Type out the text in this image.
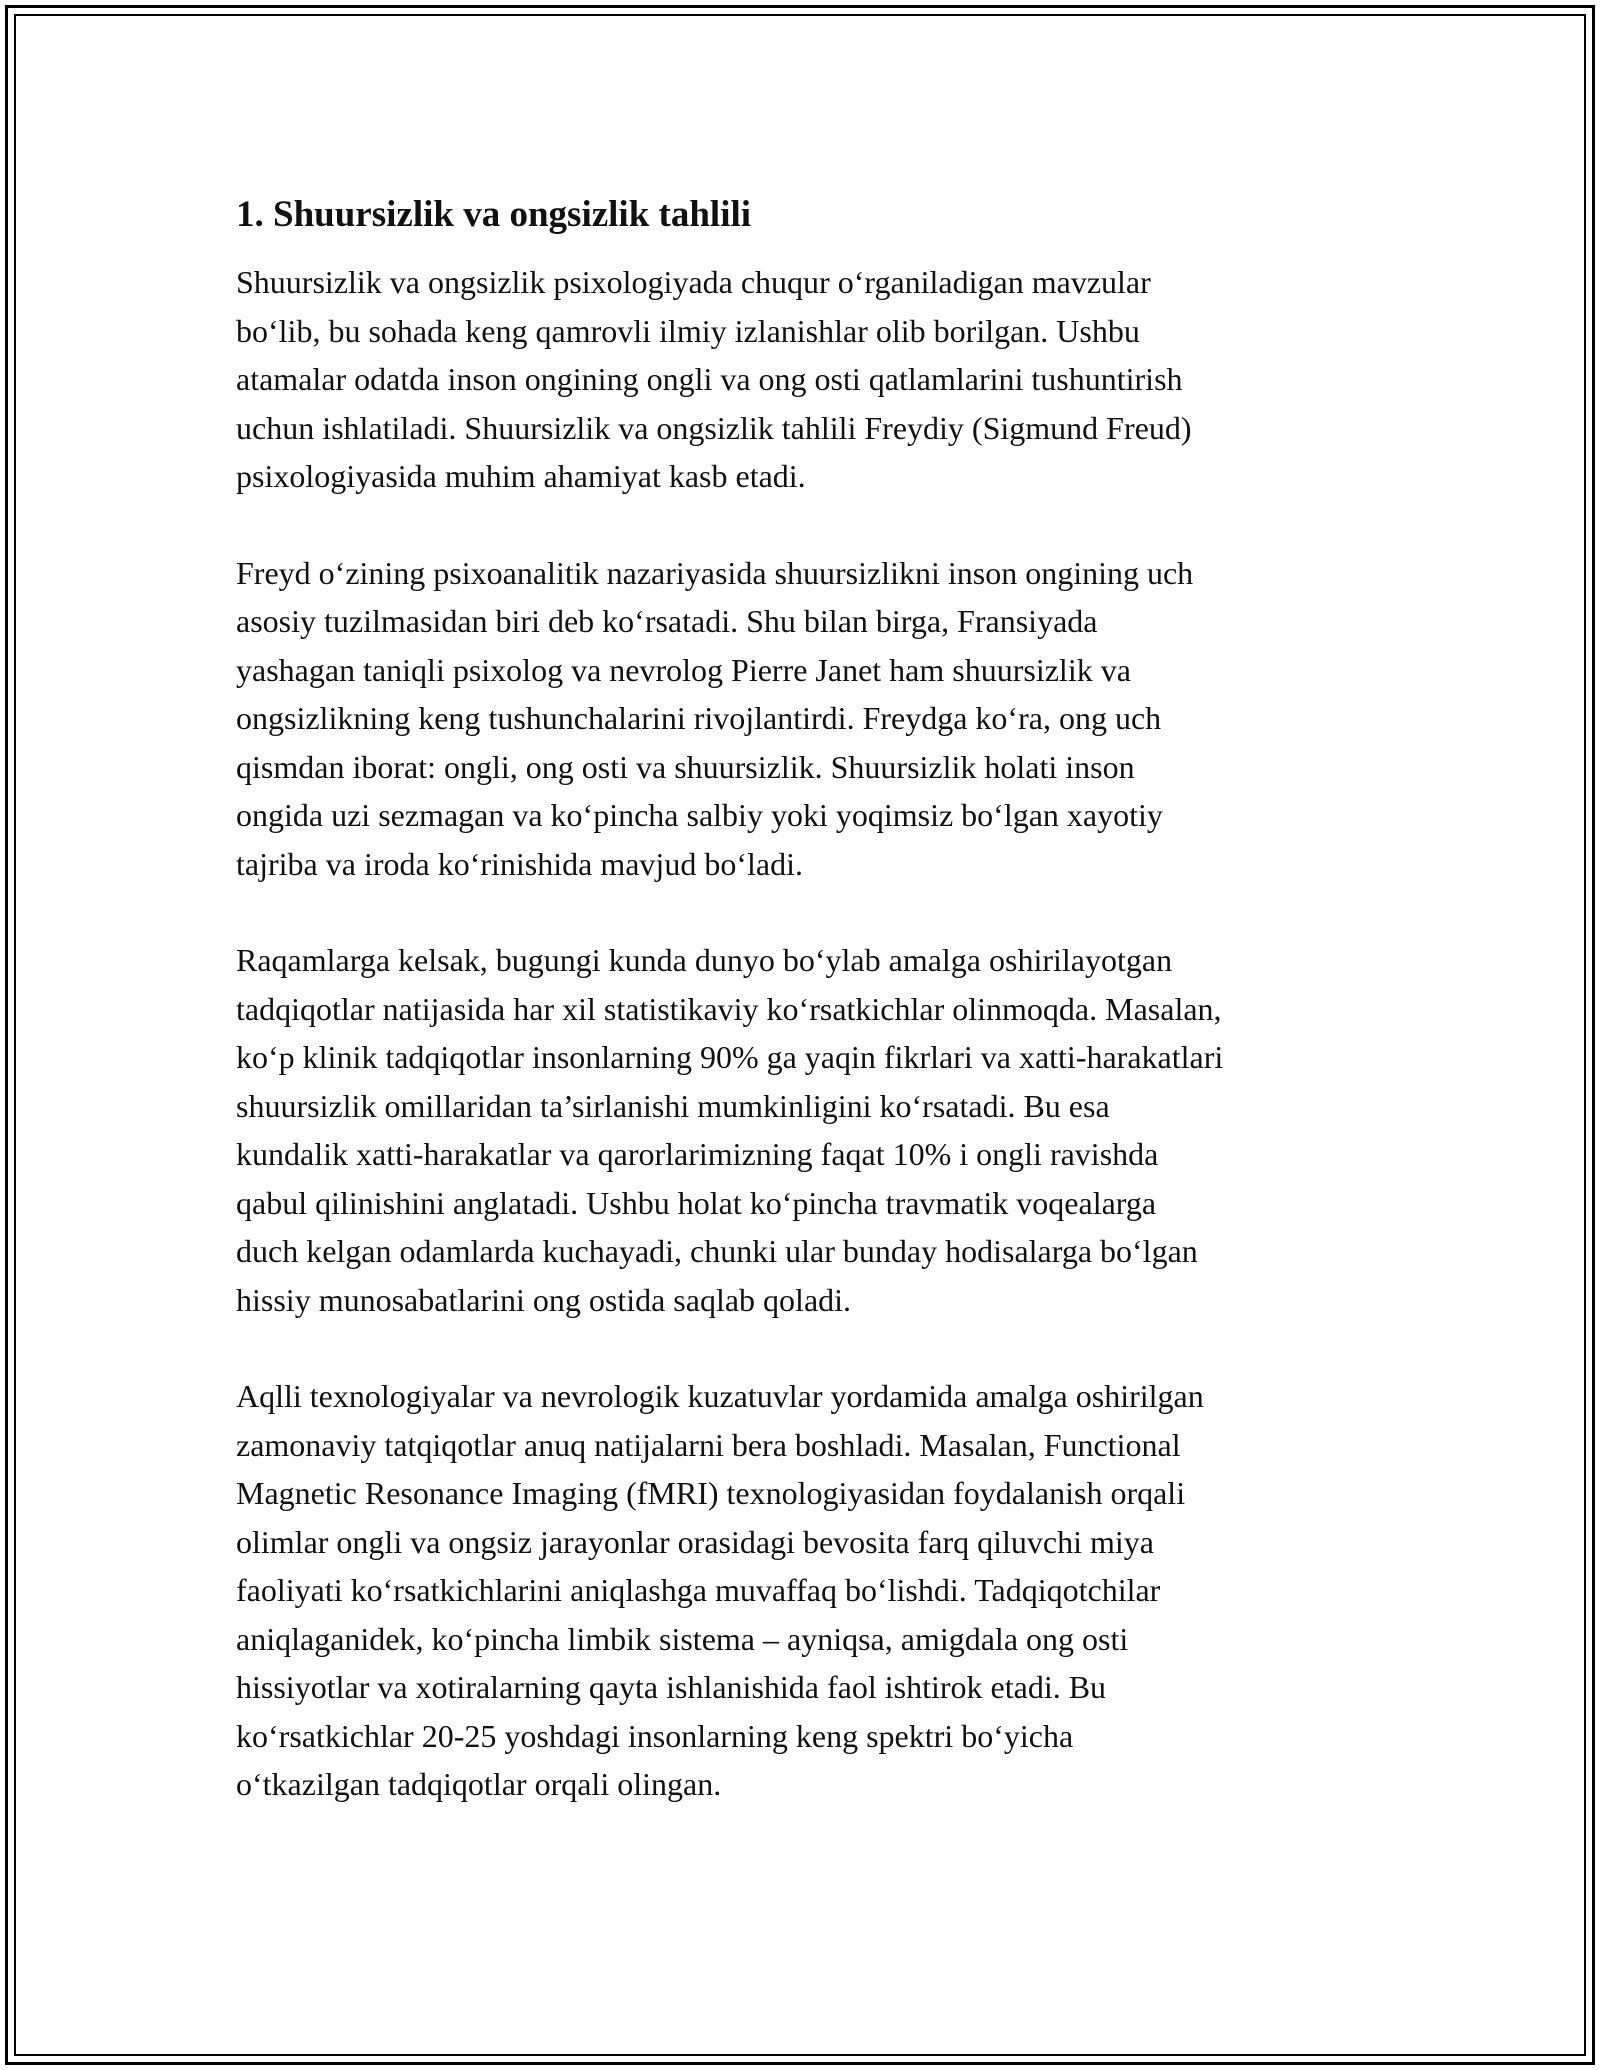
1. Shuursizlik va ongsizlik tahlili

Shuursizlik va ongsizlik psixologiyada chuqur o‘rganiladigan mavzular
bo‘lib, bu sohada keng qamrovli ilmiy izlanishlar olib borilgan. Ushbu
atamalar odatda inson ongining ongli va ong osti qatlamlarini tushuntirish
uchun ishlatiladi. Shuursizlik va ongsizlik tahlili Freydiy (Sigmund Freud)
psixologiyasida muhim ahamiyat kasb etadi.

Freyd o‘zining psixoanalitik nazariyasida shuursizlikni inson ongining uch
asosiy tuzilmasidan biri deb ko‘rsatadi. Shu bilan birga, Fransiyada
yashagan taniqli psixolog va nevrolog Pierre Janet ham shuursizlik va
ongsizlikning keng tushunchalarini rivojlantirdi. Freydga ko‘ra, ong uch
qismdan iborat: ongli, ong osti va shuursizlik. Shuursizlik holati inson
ongida uzi sezmagan va ko‘pincha salbiy yoki yoqimsiz bo‘lgan xayotiy
tajriba va iroda ko‘rinishida mavjud bo‘ladi.

Raqamlarga kelsak, bugungi kunda dunyo bo‘ylab amalga oshirilayotgan
tadqiqotlar natijasida har xil statistikaviy ko‘rsatkichlar olinmoqda. Masalan,
ko‘p klinik tadqiqotlar insonlarning 90% ga yaqin fikrlari va xatti-harakatlari
shuursizlik omillaridan ta’sirlanishi mumkinligini ko‘rsatadi. Bu esa
kundalik xatti-harakatlar va qarorlarimizning faqat 10% i ongli ravishda
qabul qilinishini anglatadi. Ushbu holat ko‘pincha travmatik voqealarga
duch kelgan odamlarda kuchayadi, chunki ular bunday hodisalarga bo‘lgan
hissiy munosabatlarini ong ostida saqlab qoladi.

Aqlli texnologiyalar va nevrologik kuzatuvlar yordamida amalga oshirilgan
zamonaviy tatqiqotlar anuq natijalarni bera boshladi. Masalan, Functional
Magnetic Resonance Imaging (fMRI) texnologiyasidan foydalanish orqali
olimlar ongli va ongsiz jarayonlar orasidagi bevosita farq qiluvchi miya
faoliyati ko‘rsatkichlarini aniqlashga muvaffaq bo‘lishdi. Tadqiqotchilar
aniqlaganidek, ko‘pincha limbik sistema – ayniqsa, amigdala ong osti
hissiyotlar va xotiralarning qayta ishlanishida faol ishtirok etadi. Bu
ko‘rsatkichlar 20-25 yoshdagi insonlarning keng spektri bo‘yicha
o‘tkazilgan tadqiqotlar orqali olingan.
